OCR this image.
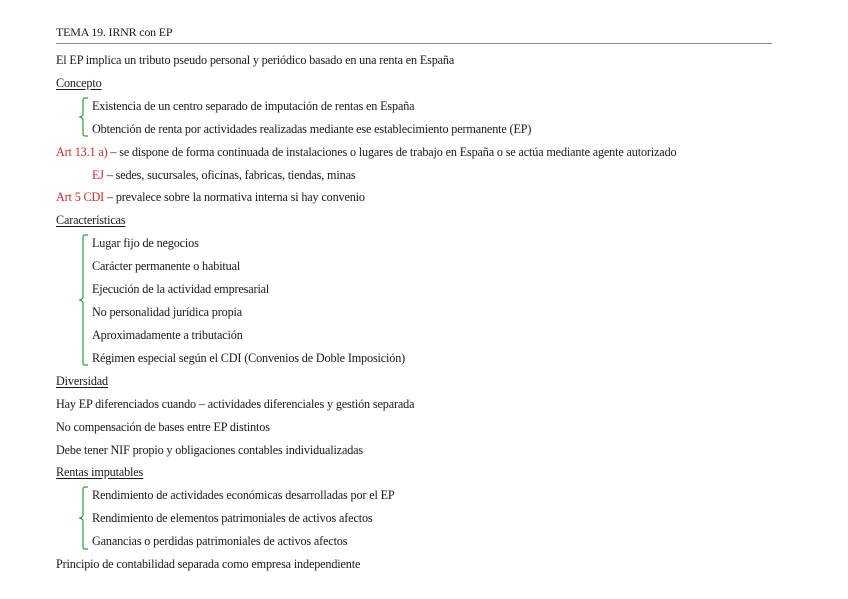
TEMA 19. IRNR con EP
El EP implica un tributo pseudo personal y periódico basado en una renta en España
Concepto
Existencia de un centro separado de imputación de rentas en España
Obtención de renta por actividades realizadas mediante ese establecimiento permanente (EP)
Art 13.1 a) – se dispone de forma continuada de instalaciones o lugares de trabajo en España o se actúa mediante agente autorizado
EJ – sedes, sucursales, oficinas, fabricas, tiendas, minas
Art 5 CDI – prevalece sobre la normativa interna si hay convenio
Características
Lugar fijo de negocios
Carácter permanente o habitual
Ejecución de la actividad empresarial
No personalidad jurídica propia
Aproximadamente a tributación
Régimen especial según el CDI (Convenios de Doble Imposición)
Diversidad
Hay EP diferenciados cuando – actividades diferenciales y gestión separada
No compensación de bases entre EP distintos
Debe tener NIF propio y obligaciones contables individualizadas
Rentas imputables
Rendimiento de actividades económicas desarrolladas por el EP
Rendimiento de elementos patrimoniales de activos afectos
Ganancias o perdidas patrimoniales de activos afectos
Principio de contabilidad separada como empresa independiente
